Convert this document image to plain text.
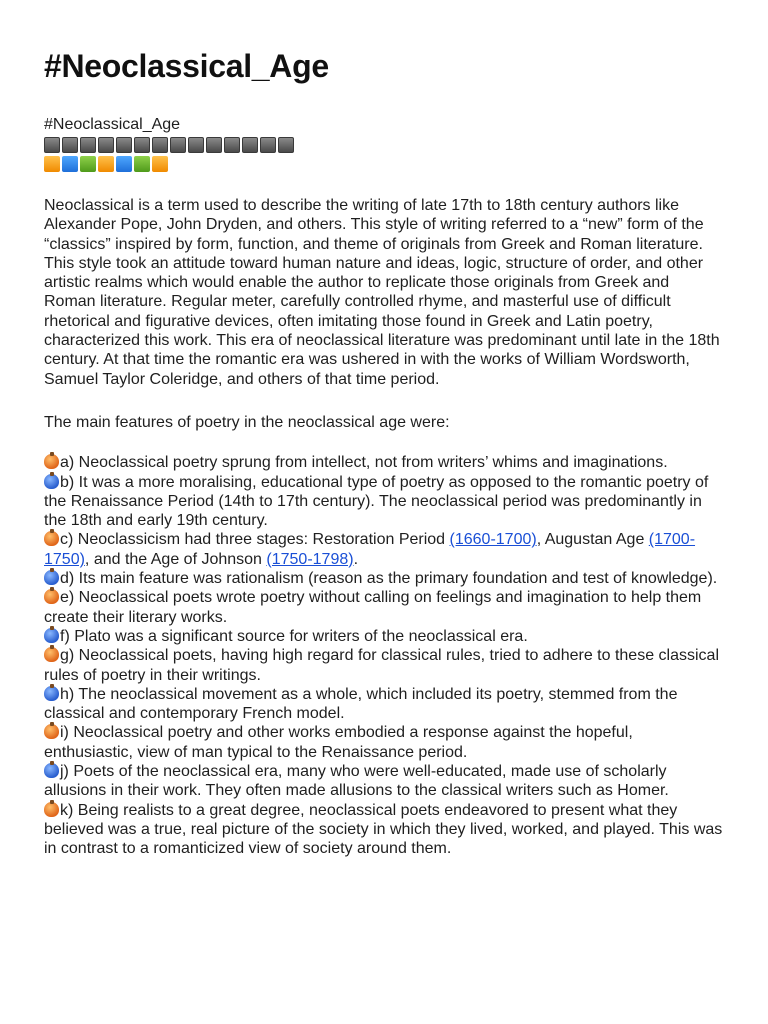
#Neoclassical_Age
#Neoclassical_Age

Neoclassical is a term used to describe the writing of late 17th to 18th century authors like Alexander Pope, John Dryden, and others. This style of writing referred to a “new” form of the “classics” inspired by form, function, and theme of originals from Greek and Roman literature. This style took an attitude toward human nature and ideas, logic, structure of order, and other artistic realms which would enable the author to replicate those originals from Greek and Roman literature. Regular meter, carefully controlled rhyme, and masterful use of difficult rhetorical and figurative devices, often imitating those found in Greek and Latin poetry, characterized this work. This era of neoclassical literature was predominant until late in the 18th century. At that time the romantic era was ushered in with the works of William Wordsworth, Samuel Taylor Coleridge, and others of that time period.

The main features of poetry in the neoclassical age were:

a) Neoclassical poetry sprung from intellect, not from writers’ whims and imaginations.
b) It was a more moralising, educational type of poetry as opposed to the romantic poetry of the Renaissance Period (14th to 17th century). The neoclassical period was predominantly in the 18th and early 19th century.
c) Neoclassicism had three stages: Restoration Period (1660-1700), Augustan Age (1700-1750), and the Age of Johnson (1750-1798).
d) Its main feature was rationalism (reason as the primary foundation and test of knowledge).
e) Neoclassical poets wrote poetry without calling on feelings and imagination to help them create their literary works.
f) Plato was a significant source for writers of the neoclassical era.
g) Neoclassical poets, having high regard for classical rules, tried to adhere to these classical rules of poetry in their writings.
h) The neoclassical movement as a whole, which included its poetry, stemmed from the classical and contemporary French model.
i) Neoclassical poetry and other works embodied a response against the hopeful, enthusiastic, view of man typical to the Renaissance period.
j) Poets of the neoclassical era, many who were well-educated, made use of scholarly allusions in their work. They often made allusions to the classical writers such as Homer.
k) Being realists to a great degree, neoclassical poets endeavored to present what they believed was a true, real picture of the society in which they lived, worked, and played. This was in contrast to a romanticized view of society around them.
